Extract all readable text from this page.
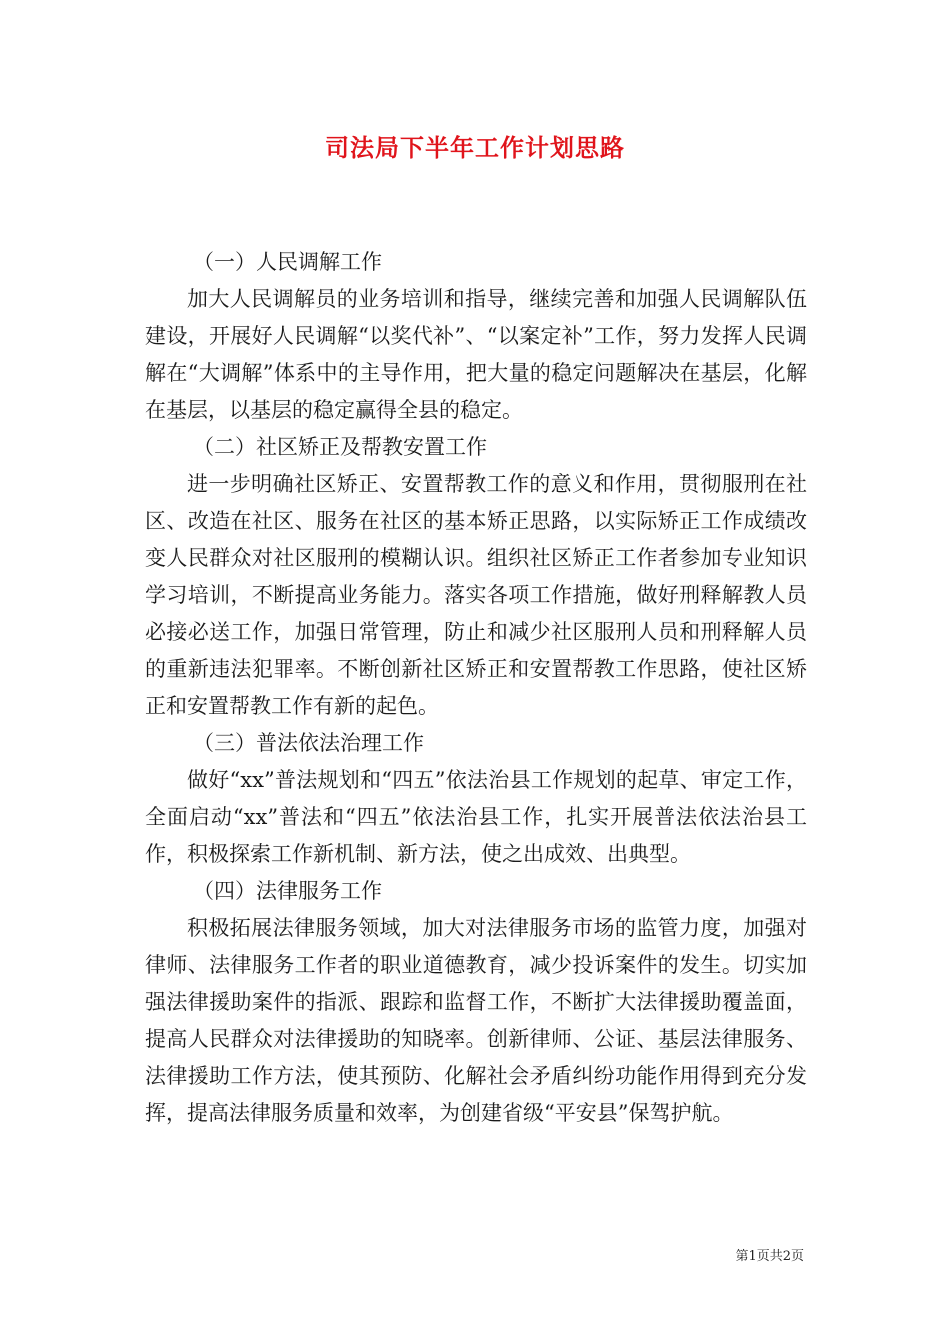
司法局下半年工作计划思路

（一）人民调解工作

加大人民调解员的业务培训和指导，继续完善和加强人民调解队伍建设，开展好人民调解“以奖代补”、“以案定补”工作，努力发挥人民调解在“大调解”体系中的主导作用，把大量的稳定问题解决在基层，化解在基层，以基层的稳定赢得全县的稳定。

（二）社区矫正及帮教安置工作

进一步明确社区矫正、安置帮教工作的意义和作用，贯彻服刑在社区、改造在社区、服务在社区的基本矫正思路，以实际矫正工作成绩改变人民群众对社区服刑的模糊认识。组织社区矫正工作者参加专业知识学习培训，不断提高业务能力。落实各项工作措施，做好刑释解教人员必接必送工作，加强日常管理，防止和减少社区服刑人员和刑释解人员的重新违法犯罪率。不断创新社区矫正和安置帮教工作思路，使社区矫正和安置帮教工作有新的起色。

（三）普法依法治理工作

做好“xx”普法规划和“四五”依法治县工作规划的起草、审定工作，全面启动“xx”普法和“四五”依法治县工作，扎实开展普法依法治县工作，积极探索工作新机制、新方法，使之出成效、出典型。

（四）法律服务工作

积极拓展法律服务领域，加大对法律服务市场的监管力度，加强对律师、法律服务工作者的职业道德教育，减少投诉案件的发生。切实加强法律援助案件的指派、跟踪和监督工作，不断扩大法律援助覆盖面，提高人民群众对法律援助的知晓率。创新律师、公证、基层法律服务、法律援助工作方法，使其预防、化解社会矛盾纠纷功能作用得到充分发挥，提高法律服务质量和效率，为创建省级“平安县”保驾护航。

第1页共2页
